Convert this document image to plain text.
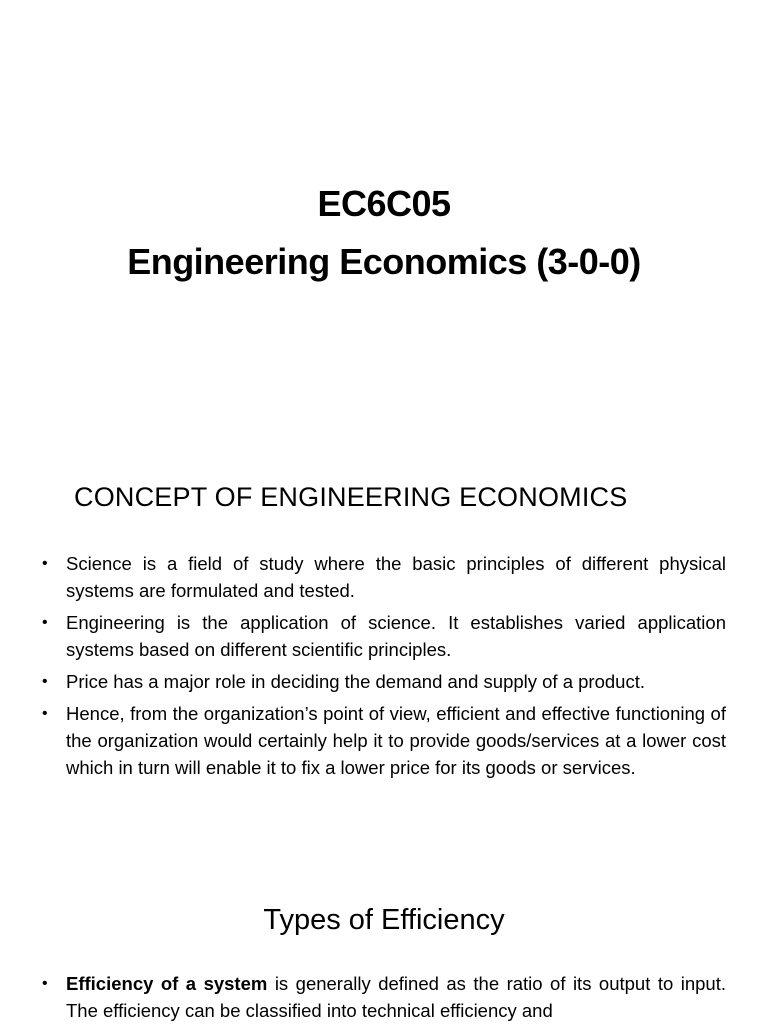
EC6C05
Engineering Economics (3-0-0)
CONCEPT OF ENGINEERING ECONOMICS
• Science is a field of study where the basic principles of different physical systems are formulated and tested.
• Engineering is the application of science. It establishes varied application systems based on different scientific principles.
• Price has a major role in deciding the demand and supply of a product.
• Hence, from the organization’s point of view, efficient and effective functioning of the organization would certainly help it to provide goods/services at a lower cost which in turn will enable it to fix a lower price for its goods or services.
Types of Efficiency
• Efficiency of a system is generally defined as the ratio of its output to input. The efficiency can be classified into technical efficiency and
